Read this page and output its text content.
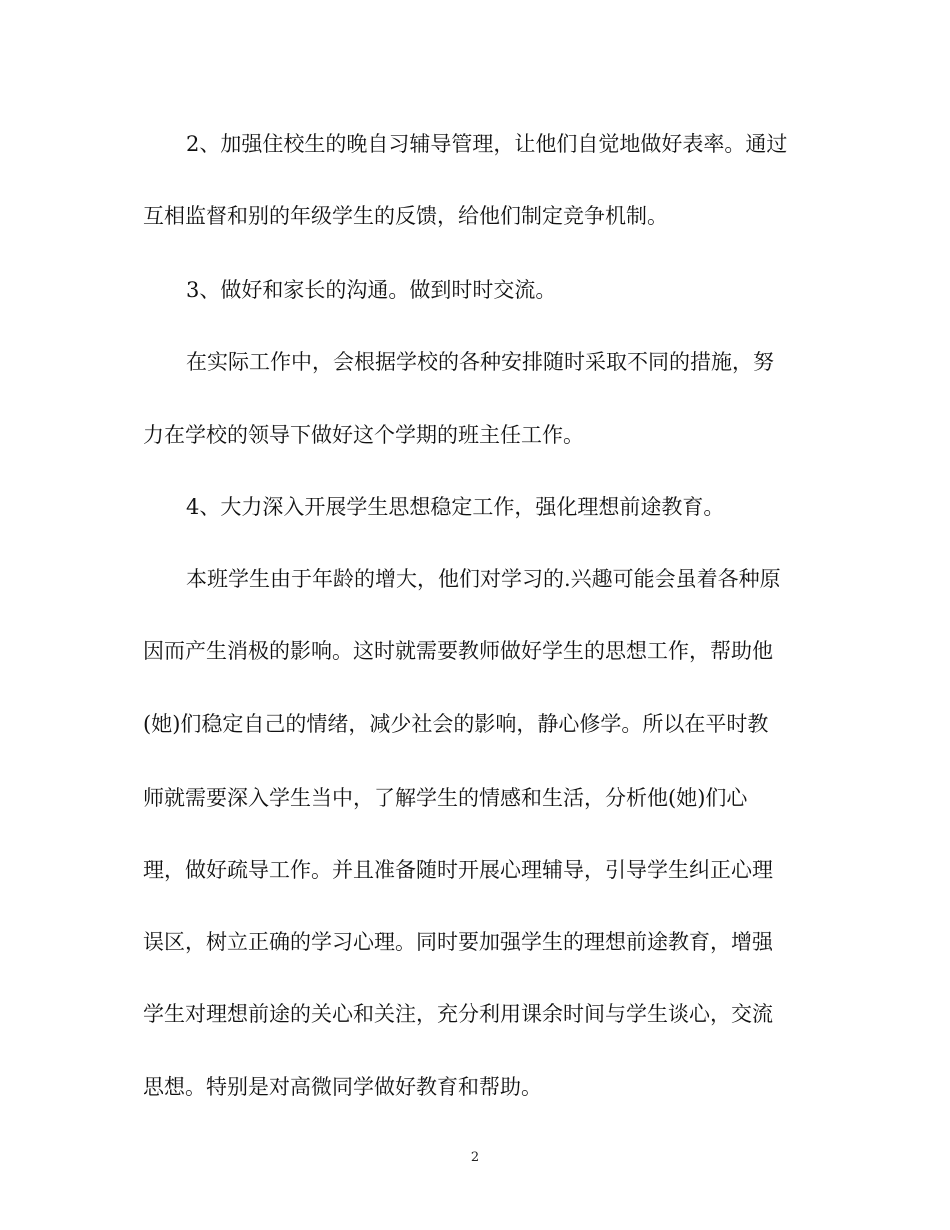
2、加强住校生的晚自习辅导管理，让他们自觉地做好表率。通过
互相监督和别的年级学生的反馈，给他们制定竞争机制。
3、做好和家长的沟通。做到时时交流。
在实际工作中，会根据学校的各种安排随时采取不同的措施，努
力在学校的领导下做好这个学期的班主任工作。
4、大力深入开展学生思想稳定工作，强化理想前途教育。
本班学生由于年龄的增大，他们对学习的.兴趣可能会虽着各种原
因而产生消极的影响。这时就需要教师做好学生的思想工作，帮助他
(她)们稳定自己的情绪，减少社会的影响，静心修学。所以在平时教
师就需要深入学生当中，了解学生的情感和生活，分析他(她)们心
理，做好疏导工作。并且准备随时开展心理辅导，引导学生纠正心理
误区，树立正确的学习心理。同时要加强学生的理想前途教育，增强
学生对理想前途的关心和关注，充分利用课余时间与学生谈心，交流
思想。特别是对高微同学做好教育和帮助。
2
